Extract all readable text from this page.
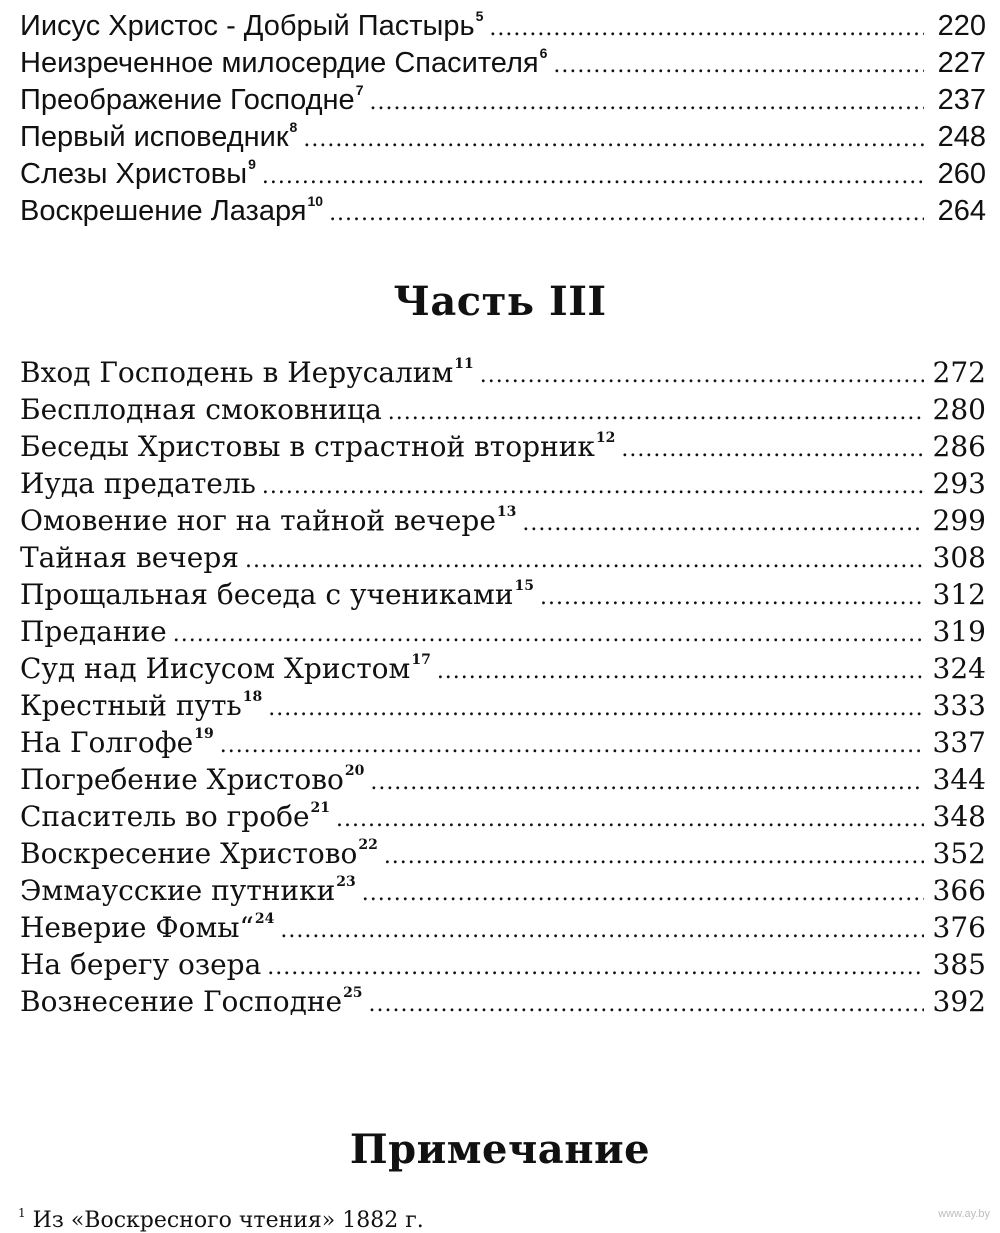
Иисус Христос - Добрый Пастырь$^5$ .....	220
Неизреченное милосердие Спасителя$^6$ .....	227
Преображение Господне$^7$ .....	237
Первый исповедник$^8$ .....	248
Слезы Христовы$^9$ .....	260
Воскрешение Лазаря$^{10}$ .....	264
Часть III
Вход Господень в Иерусалим$^{11}$ .....	272
Бесплодная смоковница .....	280
Беседы Христовы в страстной вторник$^{12}$ .....	286
Иуда предатель .....	293
Омовение ног на тайной вечере$^{13}$ .....	299
Тайная вечеря .....	308
Прощальная беседа с учениками$^{15}$ .....	312
Предание .....	319
Суд над Иисусом Христом$^{17}$ .....	324
Крестный путь$^{18}$ .....	333
На Голгофе$^{19}$ .....	337
Погребение Христово$^{20}$ .....	344
Спаситель во гробе$^{21}$ .....	348
Воскресение Христово$^{22}$ .....	352
Эммаусские путники$^{23}$ .....	366
Неверие Фомы“$^{24}$ .....	376
На берегу озера .....	385
Вознесение Господне$^{25}$ .....	392
Примечание
$^1$ Из «Воскресного чтения» 1882 г.	www.ay.by
